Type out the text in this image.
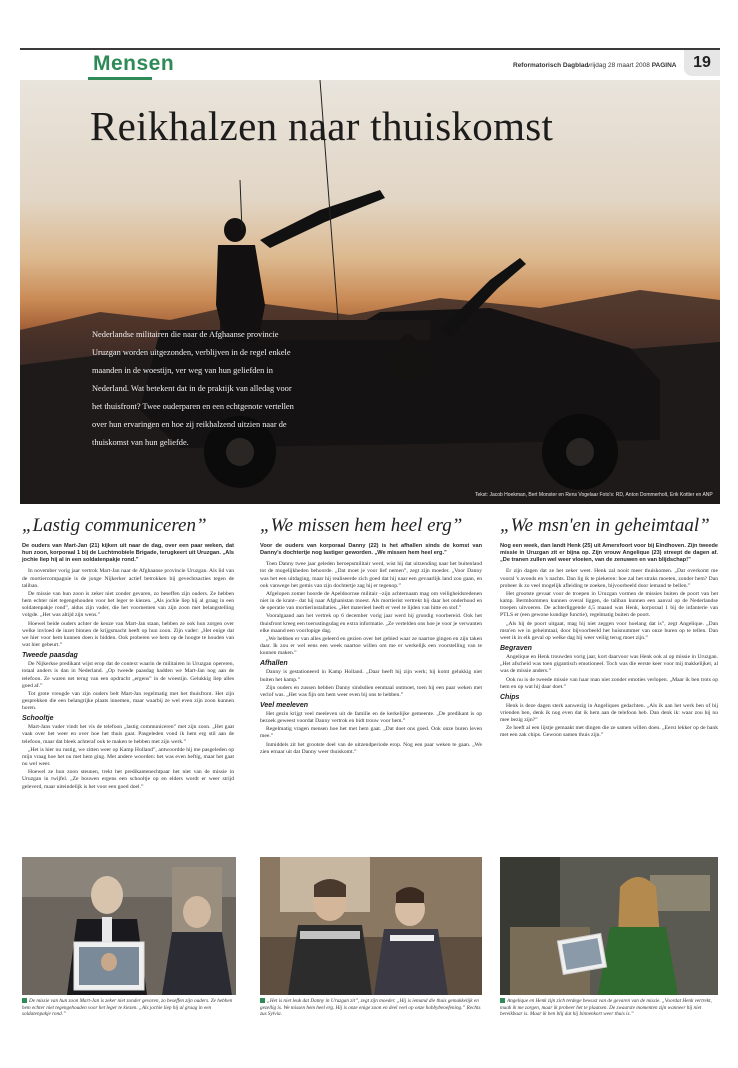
Mensen	Reformatorisch Dagblad
vrijdag 28 maart 2008 PAGINA	19
Reikhalzen naar thuiskomst
Nederlandse militairen die naar de Afghaanse provincie Uruzgan worden uitgezonden, verblijven in de regel enkele maanden in de woestijn, ver weg van hun geliefden in Nederland. Wat betekent dat in de praktijk van alledag voor het thuisfront? Twee ouderparen en een echtgenote vertellen over hun ervaringen en hoe zij reikhalzend uitzien naar de thuiskomst van hun geliefde.
Tekst: Jacob Hoekman, Bert Monster en Rens Vogelaar Foto's: RD, Anton Dommerholt, Erik Kottier en ANP
„Lastig communiceren”

De ouders van Mart-Jan (21) kijken uit naar de dag, over een paar weken, dat hun zoon, korporaal 1 bij de Luchtmobiele Brigade, terugkeert uit Uruzgan. „Als jochie liep hij al in een soldatenpakje rond.”

In november vorig jaar vertrok Mart-Jan naar de Afghaanse provincie Uruzgan. Als lid van de mortiercompagnie is de jonge Nijkerker actief betrokken bij gevechtsacties tegen de taliban.

De missie van hun zoon is zeker niet zonder gevaren, zo beseffen zijn ouders. Ze hebben hem echter niet tegengehouden voor het leger te kiezen. „Als jochie liep hij al graag in een soldatenpakje rond”, aldus zijn vader, die het voornemen van zijn zoon met belangstelling volgde. „Het was altijd zijn wens.”

Hoewel beide ouders achter de keuze van Mart-Jan staan, hebben ze ook hun zorgen over welke invloed de inzet binnen de krijgsmacht heeft op hun zoon. Zijn vader: „Het enige dat we hier voor hem kunnen doen is bidden. Ook proberen we hem op de hoogte te houden van wat hier gebeurt.”

Tweede paasdag

De Nijkerkse predikant wijst erop dat de context waarin de militairen in Uruzgan opereren, totaal anders is dan in Nederland. „Op tweede paasdag hadden we Mart-Jan nog aan de telefoon. Ze waren net terug van een opdracht „ergens” in de woestijn. Gelukkig liep alles goed af.”

Tot grote vreugde van zijn ouders belt Mart-Jan regelmatig met het thuisfront. Het zijn gesprekken die een belangrijke plaats innemen, maar waarbij ze wel even zijn zoon kunnen horen.

Schooltje

Mart-Jans vader vindt het vis de telefoon „lastig communiceren” met zijn zoon. „Het gaat vaak over het weer en over hoe het thuis gaat. Pasgeleden vond ik hem erg stil aan de telefoon, maar dat bleek achteraf ook te maken te hebben met zijn werk.”

„Het is hier nu rustig, we zitten weer op Kamp Holland”, antwoordde hij me pasgeleden op mijn vraag hoe het nu met hem ging. Met andere woorden: het was even heftig, maar het gaat nu wel weer.

Hoewel ze hun zoon steunen, trekt het predikantenechtpaar het niet van de missie in Uruzgan in twijfel. „Ze bouwen ergens een schooltje op en elders wordt er weer strijd geleverd, maar uiteindelijk is het voor een goed doel.”

„We missen hem heel erg”

Voor de ouders van korporaal Danny (22) is het afhallen sinds de komst van Danny's dochtertje nog lastiger geworden. „We missen hem heel erg.”

Toen Danny twee jaar geleden beroepsmilitair werd, wist hij dat uitzending naar het buitenland tot de mogelijkheden behoorde. „Dat moet je voor lief nemen”, zegt zijn moeder. „Voor Danny was het een uitdaging, maar hij realiseerde zich goed dat hij naar een gevaarlijk land zou gaan, en ook vanwege het gemis van zijn dochtertje zag hij er tegenop.”

Afgelopen zomer hoorde de Apeldoornse militair –zijn achternaam mag om veiligheidsredenen niet in de krant– dat hij naar Afghanistan moest. Als mortierist vertrekt hij daar het onderhoud en de operatie van mortierinstallaties. „Het materieel heeft er veel te lijden van hitte en stof.”

Vooralgaand aan het vertrek op 6 december vorig jaar werd hij grondig voorbereid. Ook het thuisfront kreeg een toerustingsdag en extra informatie. „Ze vertelden ons hoe je voor je verwanten elke maand een voorlopige dag.

„We hebben er van alles geleerd en gezien over het gebied waar ze naartoe gingen en zijn taken daar. Ik zou er wel eens een week naartoe willen om me er werkelijk een voorstelling van te kunnen maken.”

Afhallen

Danny is gestationeerd in Kamp Holland. „Daar heeft hij zijn werk; hij komt gelukkig niet buiten het kamp.”

Zijn ouders en zussen hebben Danny sindsdien eenmaal ontmoet, toen hij een paar weken met verlof was. „Het was fijn om hem weer even bij ons te hebben.”

Veel meeleven

Het gezin krijgt veel meeleven uit de familie en de kerkelijke gemeente. „De predikant is op bezoek geweest voordat Danny vertrok en bidt trouw voor hem.”

Regelmatig vragen mensen hoe het met hem gaat. „Dat doet ons goed. Ook onze buren leven mee.”

Inmiddels zit het grootste deel van de uitzendperiode erop. Nog een paar weken te gaan. „We zien ernaar uit dat Danny weer thuiskomt.”

„We msn'en in geheimtaal”

Nog een week, dan landt Henk (25) uit Amersfoort voor bij Eindhoven. Zijn tweede missie in Uruzgan zit er bijna op. Zijn vrouw Angelique (23) streept de dagen af. „De tranen zullen wel weer vloeien, van de zenuwen en van blijdschap!”

Er zijn dagen dat ze het zeker weet. Henk zal nooit meer thuiskomen. „Dat overkomt me vooral 's avonds en 's nachts. Dan lig ik te piekeren: hoe zal het straks moeten, zonder hem? Dan probeer ik zo veel mogelijk afleiding te zoeken, bijvoorbeeld door iemand te bellen.”

Het grootste gevaar voor de troepen in Uruzgan vormen de missies buiten de poort van het kamp. Bermbommen kunnen overal liggen, de taliban kunnen een aanval op de Nederlandse troepen uitvoeren. De achterliggende 4,5 maand was Henk, korporaal 1 bij de infanterie van PTLS er (een gewone kundige functie), regelmatig buiten de poort.

„Als hij de poort uitgaat, mag hij niet zeggen voor hoelang dat is”, zegt Angelique. „Dan msn'en we in geheimtaal, door bijvoorbeeld het huisnummer van onze buren op te tellen. Dan weet ik in elk geval op welke dag hij weer veilig terug moet zijn.”

Begraven

Angelique en Henk trouwden vorig jaar, kort daarvoor was Henk ook al op missie in Uruzgan. „Het afscheid was toen gigantisch emotioneel. Toch was die eerste keer voor mij makkelijker, al was de missie anders.”

Ook nu is de tweede missie van haar man niet zonder emoties verlopen. „Maar ik ben trots op hem en op wat hij daar doet.”

Chips

Henk is deze dagen sterk aanwezig in Angeliques gedachten. „Als ik aan het werk ben of bij vrienden ben, denk ik nog even dat ik hem aan de telefoon heb. Dan denk ik: waar zou hij nu mee bezig zijn?”

Ze heeft al een lijstje gemaakt met dingen die ze samen willen doen. „Eerst lekker op de bank met een zak chips. Gewoon samen thuis zijn.”

De missie van hun zoon Mart-Jan is zeker niet zonder gevaren, zo beseffen zijn ouders. Ze hebben hem echter niet tegengehouden voor het leger te kiezen. „Als jochie liep hij al graag in een soldatenpakje rond.”
„Het is niet leuk dat Danny in Uruzgan zit”, zegt zijn moeder. „Hij is iemand die thuis gemakkelijk en gezellig is. We missen hem heel erg. Hij is onze enige zoon en deel veel op onze hobbybeoefening.” Rechts zus Sylvia.
Angelique en Henk zijn zich terdege bewust van de gevaren van de missie. „Voordat Henk vertrekt, maak ik me zorgen, maar ik probeer het te plaatsen. De zwaarste momenten zijn wanneer hij niet bereikbaar is. Maar ik ben blij dat hij binnenkort weer thuis is.”
